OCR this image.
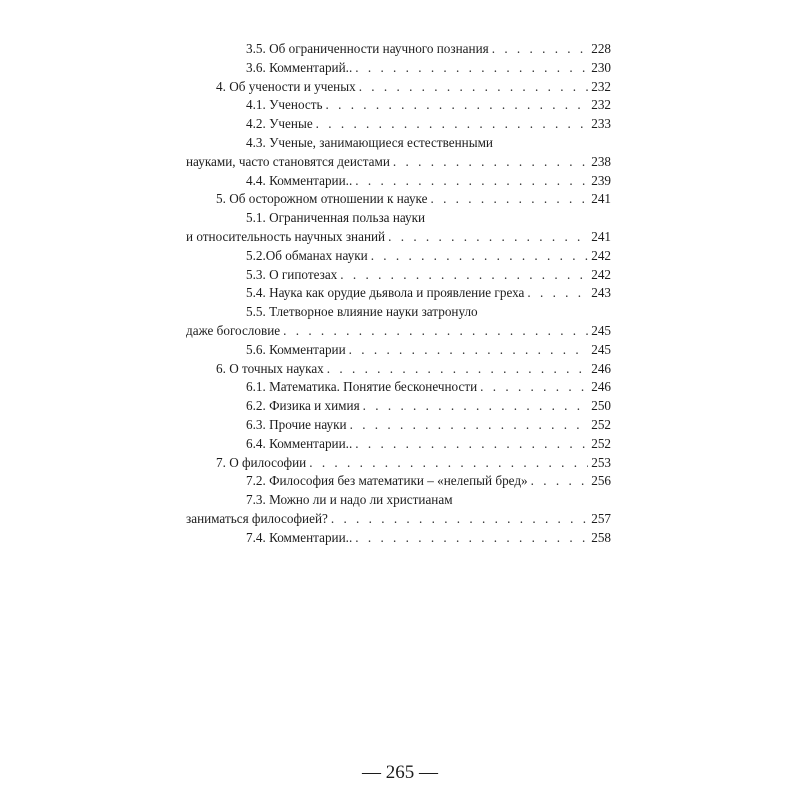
3.5. Об ограниченности научного познания . . .	228
3.6. Комментарий.. . . .	230
4. Об учености и ученых . . .	232
4.1. Ученость . . .	232
4.2. Ученые . . .	233
4.3. Ученые, занимающиеся естественными
науками, часто становятся деистами . . .	238
4.4. Комментарии.. . . .	239
5. Об осторожном отношении к науке . . .	241
5.1. Ограниченная польза науки
и относительность научных знаний . . .	241
5.2.Об обманах науки . . .	242
5.3. О гипотезах . . .	242
5.4. Наука как орудие дьявола и проявление греха . . .	243
5.5. Тлетворное влияние науки затронуло
даже богословие . . .	245
5.6. Комментарии . . .	245
6. О точных науках . . .	246
6.1. Математика. Понятие бесконечности . . .	246
6.2. Физика и химия . . .	250
6.3. Прочие науки . . .	252
6.4. Комментарии.. . . .	252
7. О философии . . .	253
7.2. Философия без математики – «нелепый бред» . . .	256
7.3. Можно ли и надо ли христианам
заниматься философией? . . .	257
7.4. Комментарии.. . . .	258
— 265 —
